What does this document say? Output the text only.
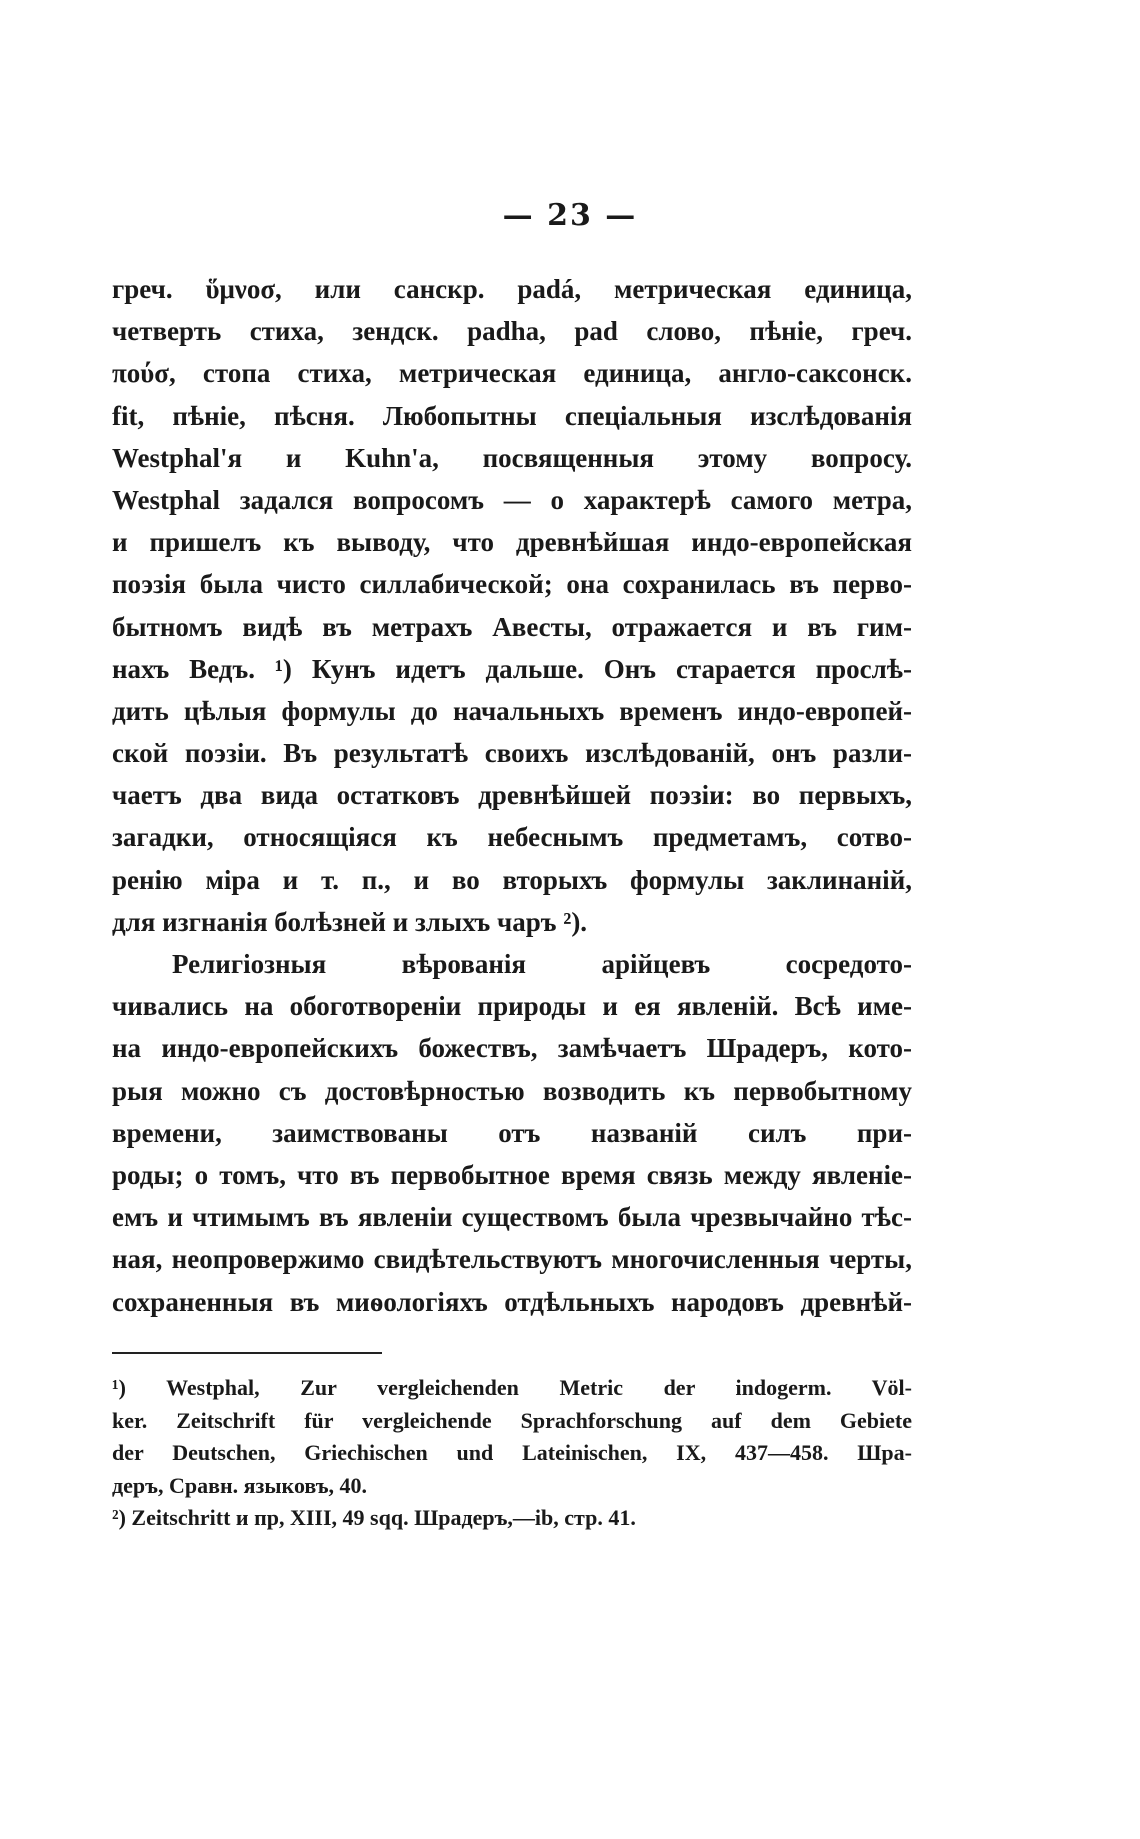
— 23 —
греч. ὕμνοσ, или санскр. padá, метрическая единица,
четверть стиха, зендск. padha, pad слово, пѣніе, греч.
πούσ, стопа стиха, метрическая единица, англо-саксонск.
fit, пѣніе, пѣсня. Любопытны спеціальныя изслѣдованія
Westphal'я и Kuhn'а, посвященныя этому вопросу.
Westphal задался вопросомъ — о характерѣ самого метра,
и пришелъ къ выводу, что древнѣйшая индо-европейская
поэзія была чисто силлабической; она сохранилась въ перво-
бытномъ видѣ въ метрахъ Авесты, отражается и въ гим-
нахъ Ведъ. ¹) Кунъ идетъ дальше. Онъ старается прослѣ-
дить цѣлыя формулы до начальныхъ временъ индо-европей-
ской поэзіи. Въ результатѣ своихъ изслѣдованій, онъ разли-
чаетъ два вида остатковъ древнѣйшей поэзіи: во первыхъ,
загадки, относящіяся къ небеснымъ предметамъ, сотво-
ренію міра и т. п., и во вторыхъ формулы заклинаній,
для изгнанія болѣзней и злыхъ чаръ ²).
Религіозныя вѣрованія арійцевъ сосредото-
чивались на обоготвореніи природы и ея явленій. Всѣ име-
на индо-европейскихъ божествъ, замѣчаетъ Шрадеръ, кото-
рыя можно съ достовѣрностью возводить къ первобытному
времени, заимствованы отъ названій силъ при-
роды; о томъ, что въ первобытное время связь между явленіе-
емъ и чтимымъ въ явленіи существомъ была чрезвычайно тѣс-
ная, неопровержимо свидѣтельствуютъ многочисленныя черты,
сохраненныя въ миѳологіяхъ отдѣльныхъ народовъ древнѣй-
¹) Westphal, Zur vergleichenden Metric der indogerm. Völ-
ker. Zeitschrift für vergleichende Sprachforschung auf dem Gebiete
der Deutschen, Griechischen und Lateinischen, IX, 437—458. Шра-
деръ, Сравн. языковъ, 40.
²) Zeitschritt и пр, XIII, 49 sqq. Шрадеръ,—ib, стр. 41.
